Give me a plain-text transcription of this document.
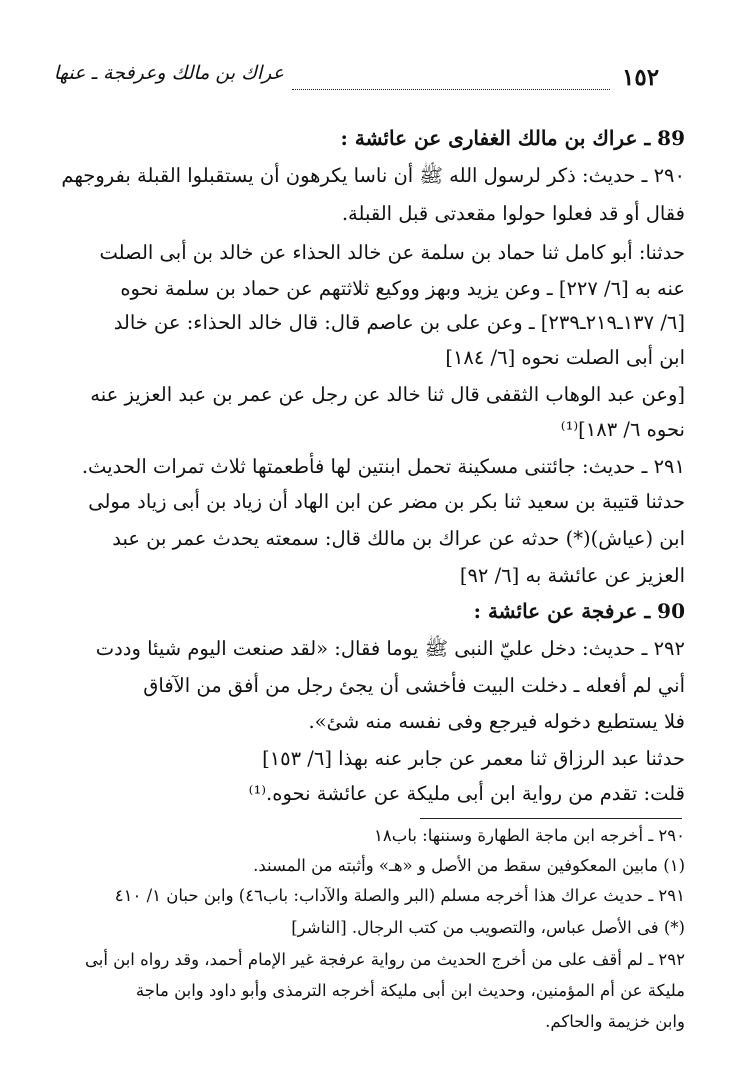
١٥٢
عراك بن مالك وعرفجة ـ عنها

89 ـ عراك بن مالك الغفارى عن عائشة :

٢٩٠ ـ حديث: ذكر لرسول الله ﷺ أن ناسا يكرهون أن يستقبلوا القبلة بفروجهم

فقال أو قد فعلوا حولوا مقعدتى قبل القبلة.

حدثنا: أبو كامل ثنا حماد بن سلمة عن خالد الحذاء عن خالد بن أبى الصلت

عنه به [٦/ ٢٢٧] ـ وعن يزيد وبهز ووكيع ثلاثتهم عن حماد بن سلمة نحوه

[٦/ ١٣٧ـ٢١٩ـ٢٣٩] ـ وعن على بن عاصم قال: قال خالد الحذاء: عن خالد

ابن أبى الصلت نحوه [٦/ ١٨٤]

[وعن عبد الوهاب الثقفى قال ثنا خالد عن رجل عن عمر بن عبد العزيز عنه

نحوه ٦/ ١٨٣]⁽¹⁾

٢٩١ ـ حديث: جائتنى مسكينة تحمل ابنتين لها فأطعمتها ثلاث تمرات الحديث.

حدثنا قتيبة بن سعيد ثنا بكر بن مضر عن ابن الهاد أن زياد بن أبى زياد مولى

ابن (عياش)(*) حدثه عن عراك بن مالك قال: سمعته يحدث عمر بن عبد

العزيز عن عائشة به [٦/ ٩٢]

90 ـ عرفجة عن عائشة :

٢٩٢ ـ حديث: دخل عليّ النبى ﷺ يوما فقال: «لقد صنعت اليوم شيئا وددت

أني لم أفعله ـ دخلت البيت فأخشى أن يجئ رجل من أفق من الآفاق

فلا يستطيع دخوله فيرجع وفى نفسه منه شئ».

حدثنا عبد الرزاق ثنا معمر عن جابر عنه بهذا [٦/ ١٥٣]

قلت: تقدم من رواية ابن أبى مليكة عن عائشة نحوه.⁽¹⁾

٢٩٠ ـ أخرجه ابن ماجة الطهارة وسننها: باب١٨

(١) مابين المعكوفين سقط من الأصل و «هـ» وأثبته من المسند.

٢٩١ ـ حديث عراك هذا أخرجه مسلم (البر والصلة والآداب: باب٤٦) وابن حبان ١/ ٤١٠

(*) فى الأصل عباس، والتصويب من كتب الرجال. [الناشر]

٢٩٢ ـ لم أقف على من أخرج الحديث من رواية عرفجة غير الإمام أحمد، وقد رواه ابن أبى

مليكة عن أم المؤمنين، وحديث ابن أبى مليكة أخرجه الترمذى وأبو داود وابن ماجة

وابن خزيمة والحاكم.
